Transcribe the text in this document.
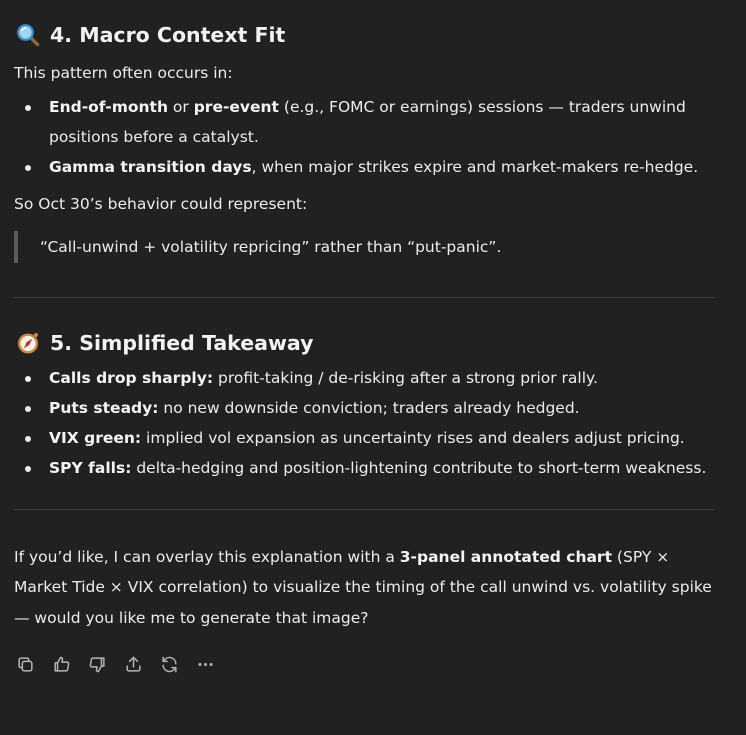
4. Macro Context Fit

This pattern often occurs in:

End-of-month or pre-event (e.g., FOMC or earnings) sessions — traders unwind positions before a catalyst.
Gamma transition days, when major strikes expire and market-makers re-hedge.

So Oct 30’s behavior could represent:

“Call-unwind + volatility repricing” rather than “put-panic”.
5. Simplified Takeaway
Calls drop sharply: profit-taking / de-risking after a strong prior rally.
Puts steady: no new downside conviction; traders already hedged.
VIX green: implied vol expansion as uncertainty rises and dealers adjust pricing.
SPY falls: delta-hedging and position-lightening contribute to short-term weakness.

If you’d like, I can overlay this explanation with a 3-panel annotated chart (SPY × Market Tide × VIX correlation) to visualize the timing of the call unwind vs. volatility spike — would you like me to generate that image?
